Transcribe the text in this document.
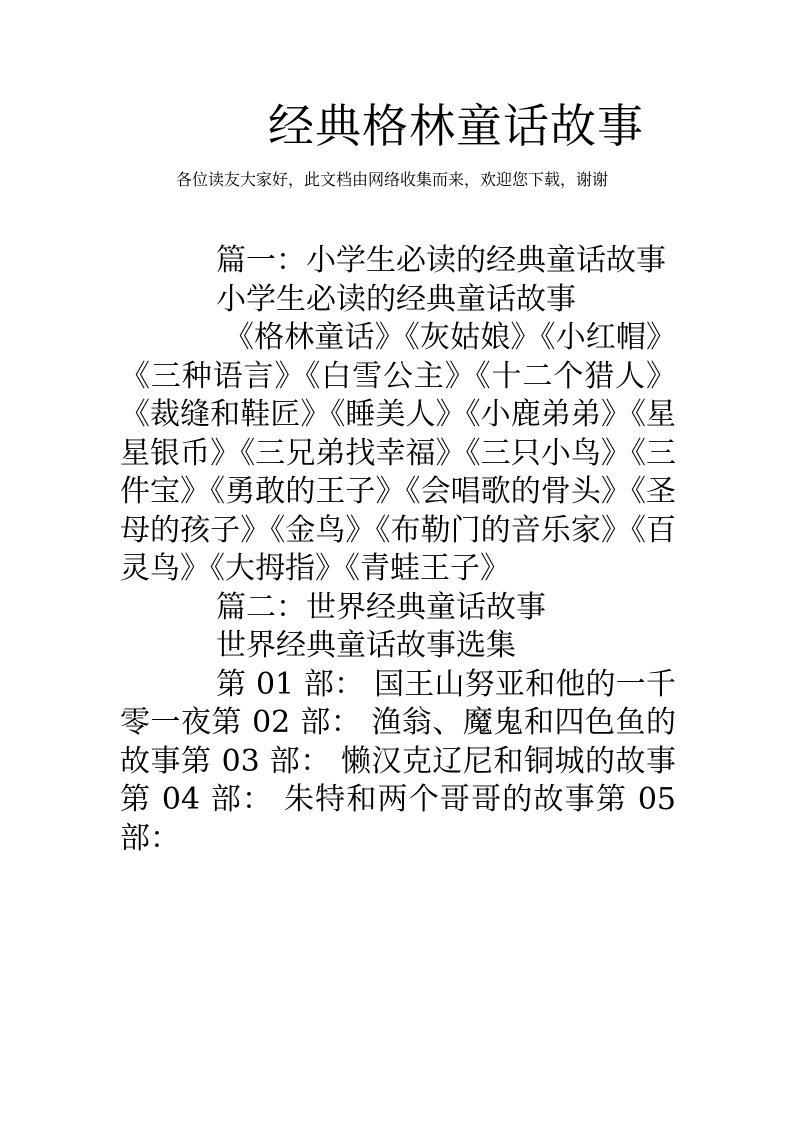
经典格林童话故事
各位读友大家好，此文档由网络收集而来，欢迎您下载，谢谢

篇一：小学生必读的经典童话故事

小学生必读的经典童话故事

《格林童话》《灰姑娘》《小红帽》《三种语言》《白雪公主》《十二个猎人》《裁缝和鞋匠》《睡美人》《小鹿弟弟》《星星银币》《三兄弟找幸福》《三只小鸟》《三件宝》《勇敢的王子》《会唱歌的骨头》《圣母的孩子》《金鸟》《布勒门的音乐家》《百灵鸟》《大拇指》《青蛙王子》

篇二：世界经典童话故事

世界经典童话故事选集

第 01 部： 国王山努亚和他的一千零一夜第 02 部： 渔翁、魔鬼和四色鱼的故事第 03 部： 懒汉克辽尼和铜城的故事第 04 部： 朱特和两个哥哥的故事第 05 部：
